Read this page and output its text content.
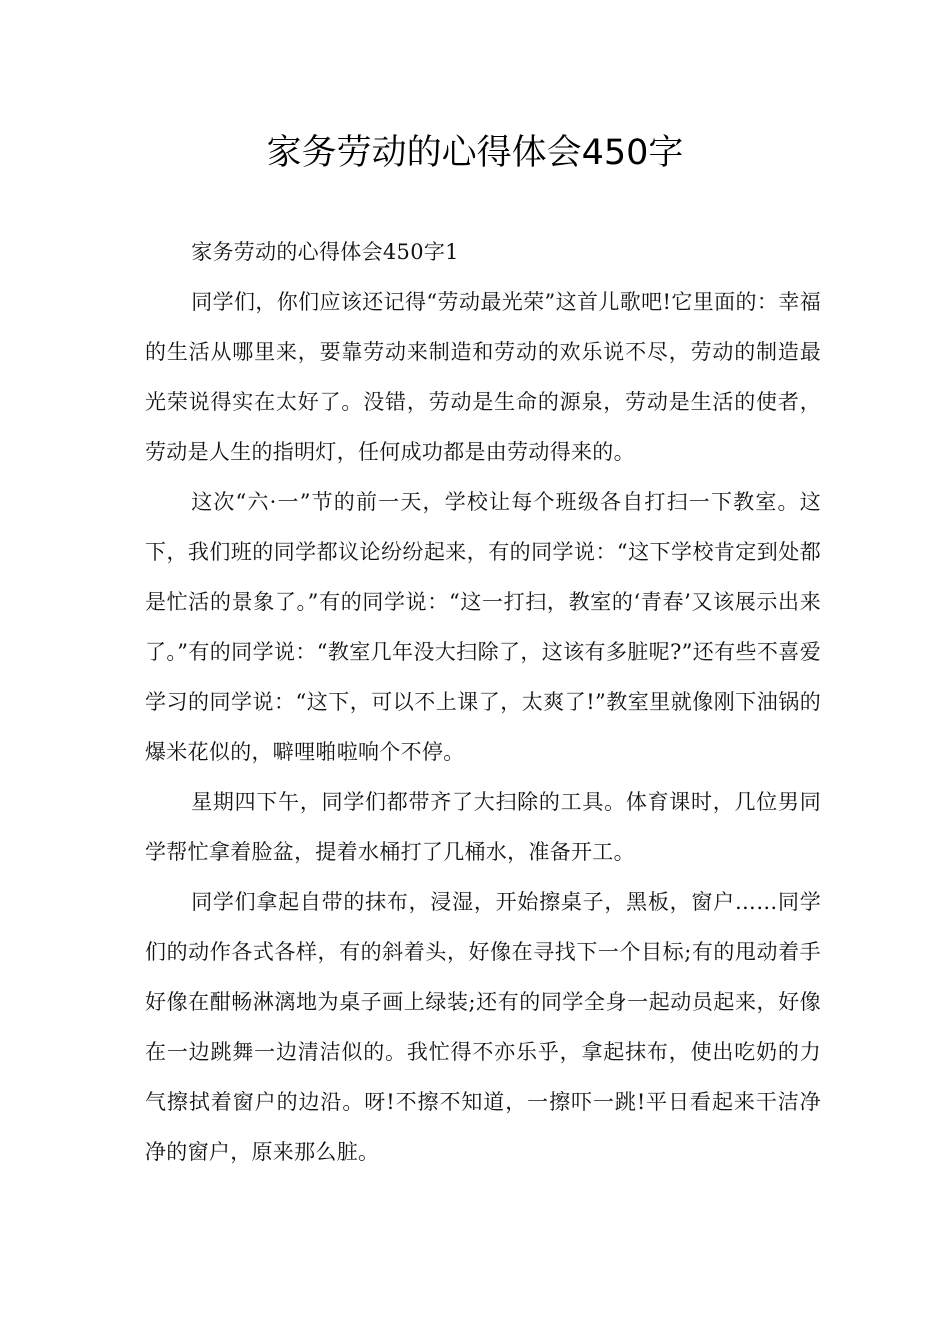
家务劳动的心得体会450字

家务劳动的心得体会450字1

同学们，你们应该还记得“劳动最光荣”这首儿歌吧!它里面的：幸福的生活从哪里来，要靠劳动来制造和劳动的欢乐说不尽，劳动的制造最光荣说得实在太好了。没错，劳动是生命的源泉，劳动是生活的使者，劳动是人生的指明灯，任何成功都是由劳动得来的。

这次“六·一”节的前一天，学校让每个班级各自打扫一下教室。这下，我们班的同学都议论纷纷起来，有的同学说：“这下学校肯定到处都是忙活的景象了。”有的同学说：“这一打扫，教室的‘青春’又该展示出来了。”有的同学说：“教室几年没大扫除了，这该有多脏呢?”还有些不喜爱学习的同学说：“这下，可以不上课了，太爽了!”教室里就像刚下油锅的爆米花似的，噼哩啪啦响个不停。

星期四下午，同学们都带齐了大扫除的工具。体育课时，几位男同学帮忙拿着脸盆，提着水桶打了几桶水，准备开工。

同学们拿起自带的抹布，浸湿，开始擦桌子，黑板，窗户……同学们的动作各式各样，有的斜着头，好像在寻找下一个目标;有的甩动着手好像在酣畅淋漓地为桌子画上绿装;还有的同学全身一起动员起来，好像在一边跳舞一边清洁似的。我忙得不亦乐乎，拿起抹布，使出吃奶的力气擦拭着窗户的边沿。呀!不擦不知道，一擦吓一跳!平日看起来干洁净净的窗户，原来那么脏。
